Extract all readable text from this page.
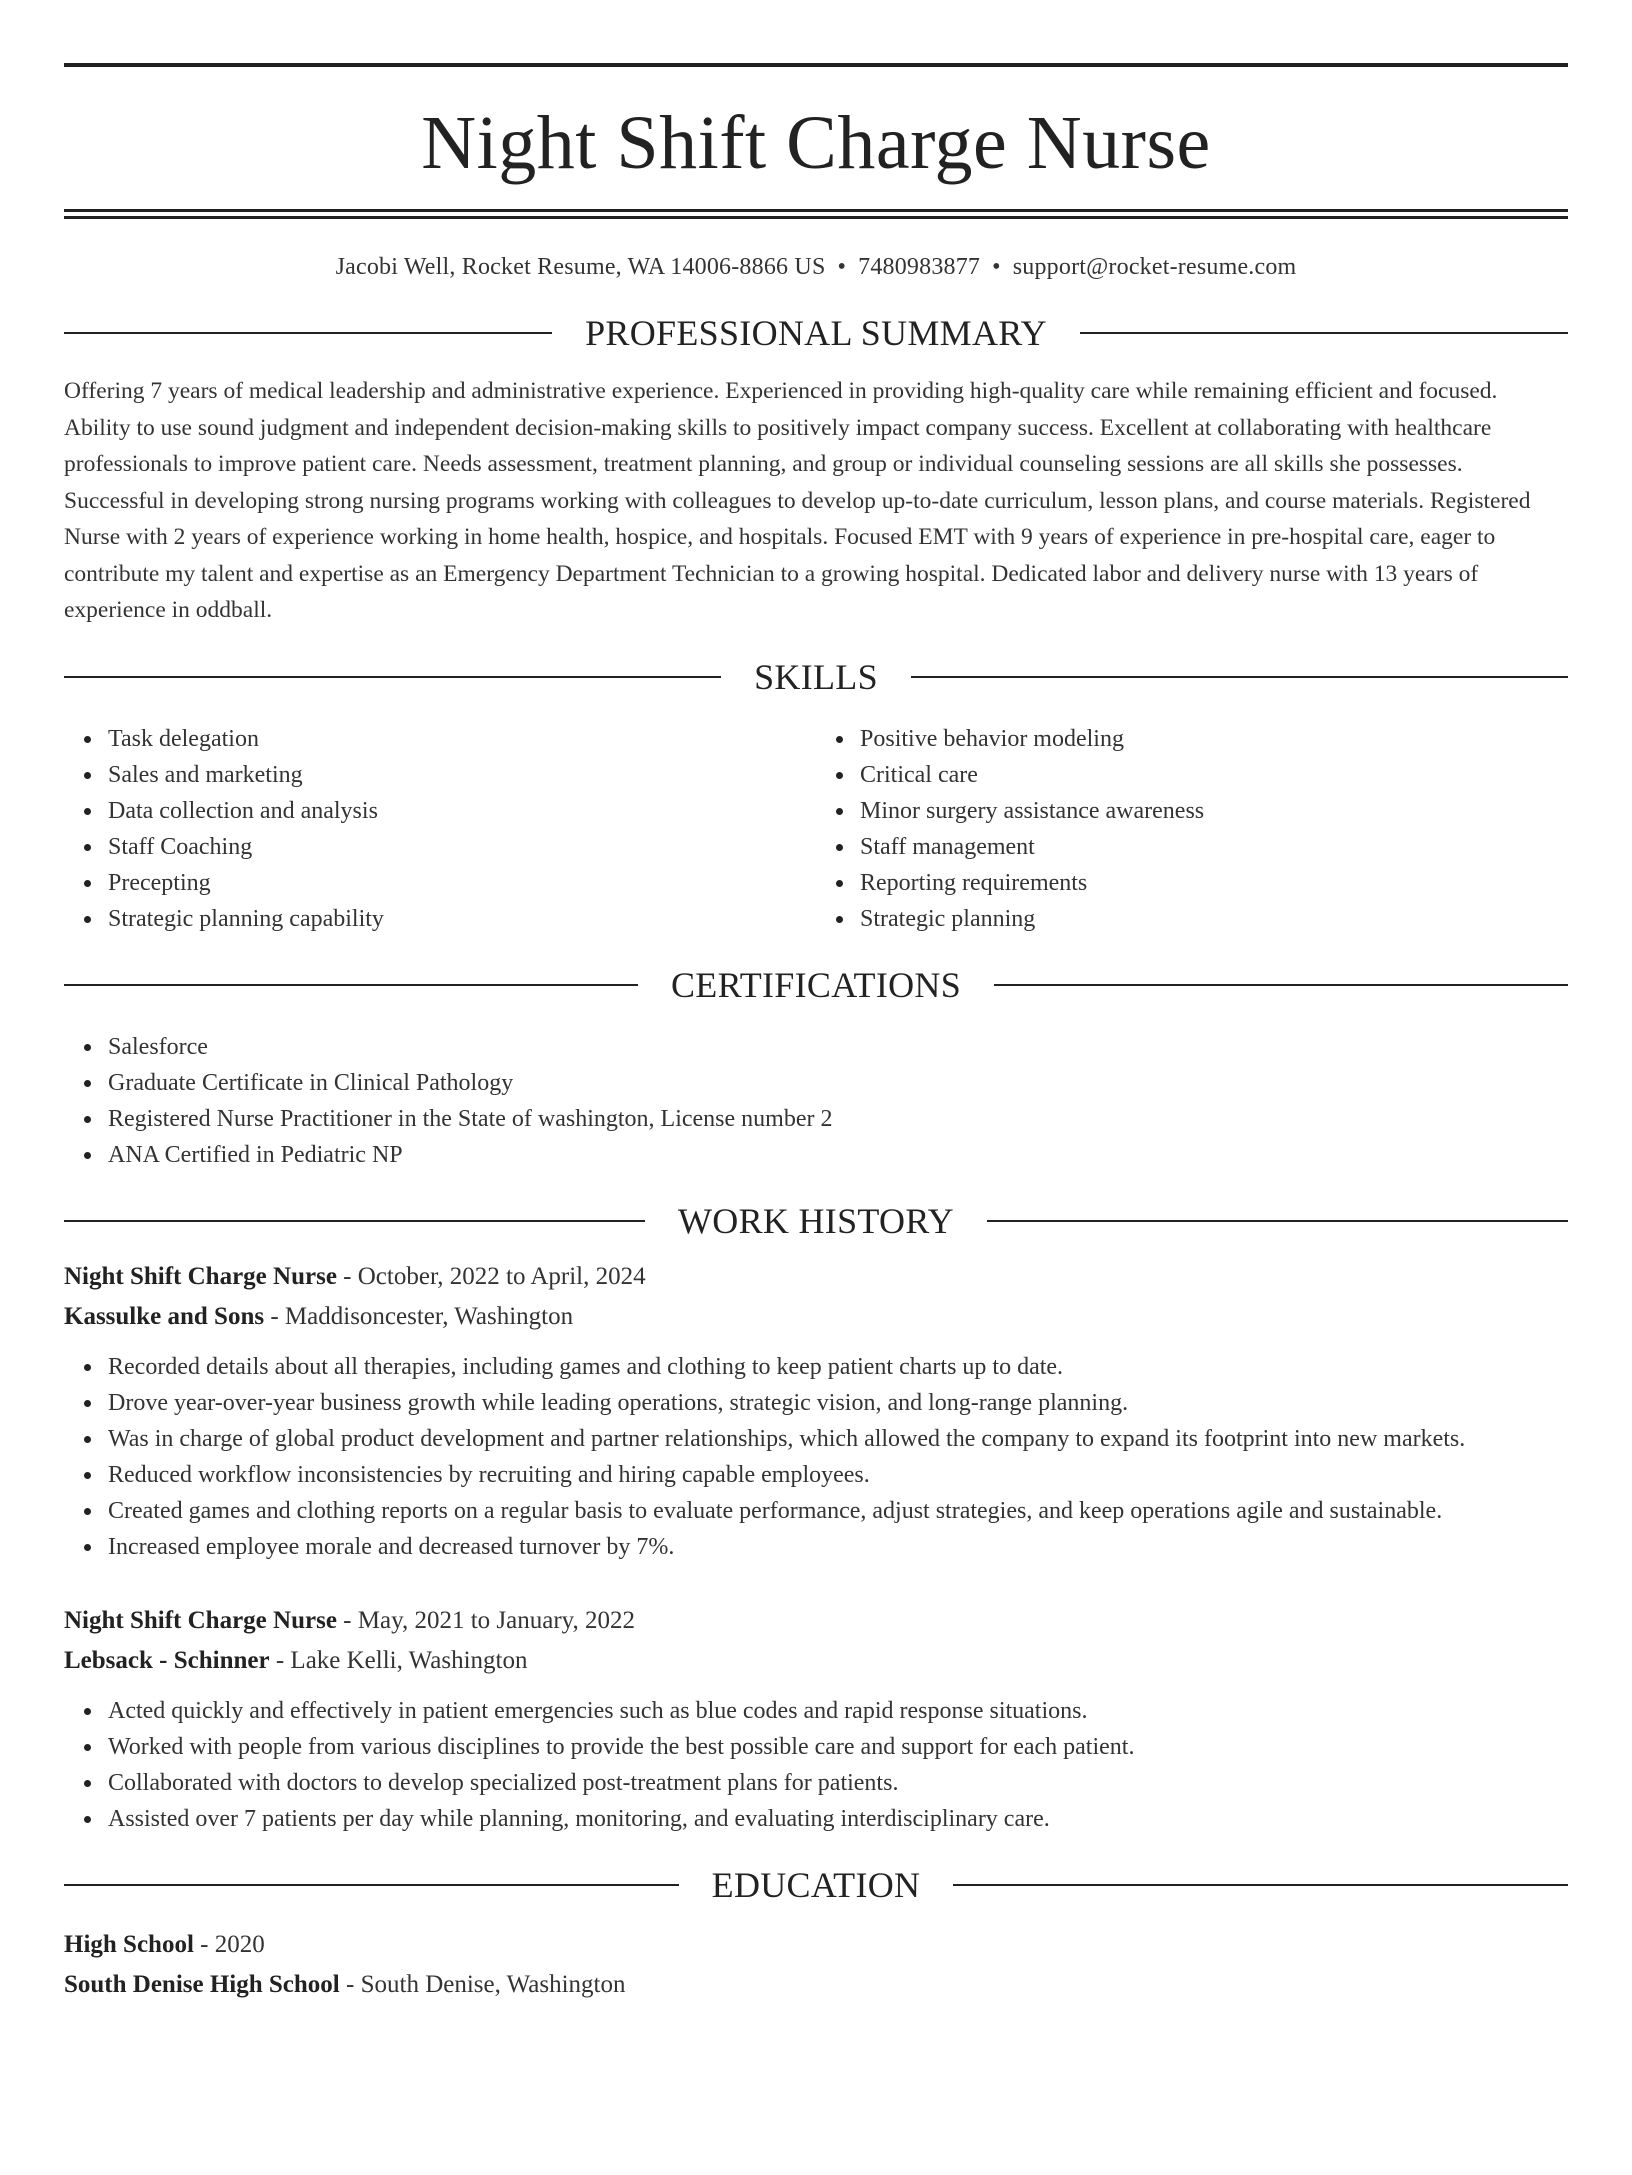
Night Shift Charge Nurse
Jacobi Well, Rocket Resume, WA 14006-8866 US • 7480983877 • support@rocket-resume.com
PROFESSIONAL SUMMARY
Offering 7 years of medical leadership and administrative experience. Experienced in providing high-quality care while remaining efficient and focused. Ability to use sound judgment and independent decision-making skills to positively impact company success. Excellent at collaborating with healthcare professionals to improve patient care. Needs assessment, treatment planning, and group or individual counseling sessions are all skills she possesses. Successful in developing strong nursing programs working with colleagues to develop up-to-date curriculum, lesson plans, and course materials. Registered Nurse with 2 years of experience working in home health, hospice, and hospitals. Focused EMT with 9 years of experience in pre-hospital care, eager to contribute my talent and expertise as an Emergency Department Technician to a growing hospital. Dedicated labor and delivery nurse with 13 years of experience in oddball.
SKILLS
Task delegation
Sales and marketing
Data collection and analysis
Staff Coaching
Precepting
Strategic planning capability
Positive behavior modeling
Critical care
Minor surgery assistance awareness
Staff management
Reporting requirements
Strategic planning
CERTIFICATIONS
Salesforce
Graduate Certificate in Clinical Pathology
Registered Nurse Practitioner in the State of washington, License number 2
ANA Certified in Pediatric NP
WORK HISTORY
Night Shift Charge Nurse - October, 2022 to April, 2024
Kassulke and Sons - Maddisoncester, Washington
Recorded details about all therapies, including games and clothing to keep patient charts up to date.
Drove year-over-year business growth while leading operations, strategic vision, and long-range planning.
Was in charge of global product development and partner relationships, which allowed the company to expand its footprint into new markets.
Reduced workflow inconsistencies by recruiting and hiring capable employees.
Created games and clothing reports on a regular basis to evaluate performance, adjust strategies, and keep operations agile and sustainable.
Increased employee morale and decreased turnover by 7%.
Night Shift Charge Nurse - May, 2021 to January, 2022
Lebsack - Schinner - Lake Kelli, Washington
Acted quickly and effectively in patient emergencies such as blue codes and rapid response situations.
Worked with people from various disciplines to provide the best possible care and support for each patient.
Collaborated with doctors to develop specialized post-treatment plans for patients.
Assisted over 7 patients per day while planning, monitoring, and evaluating interdisciplinary care.
EDUCATION
High School - 2020
South Denise High School - South Denise, Washington
